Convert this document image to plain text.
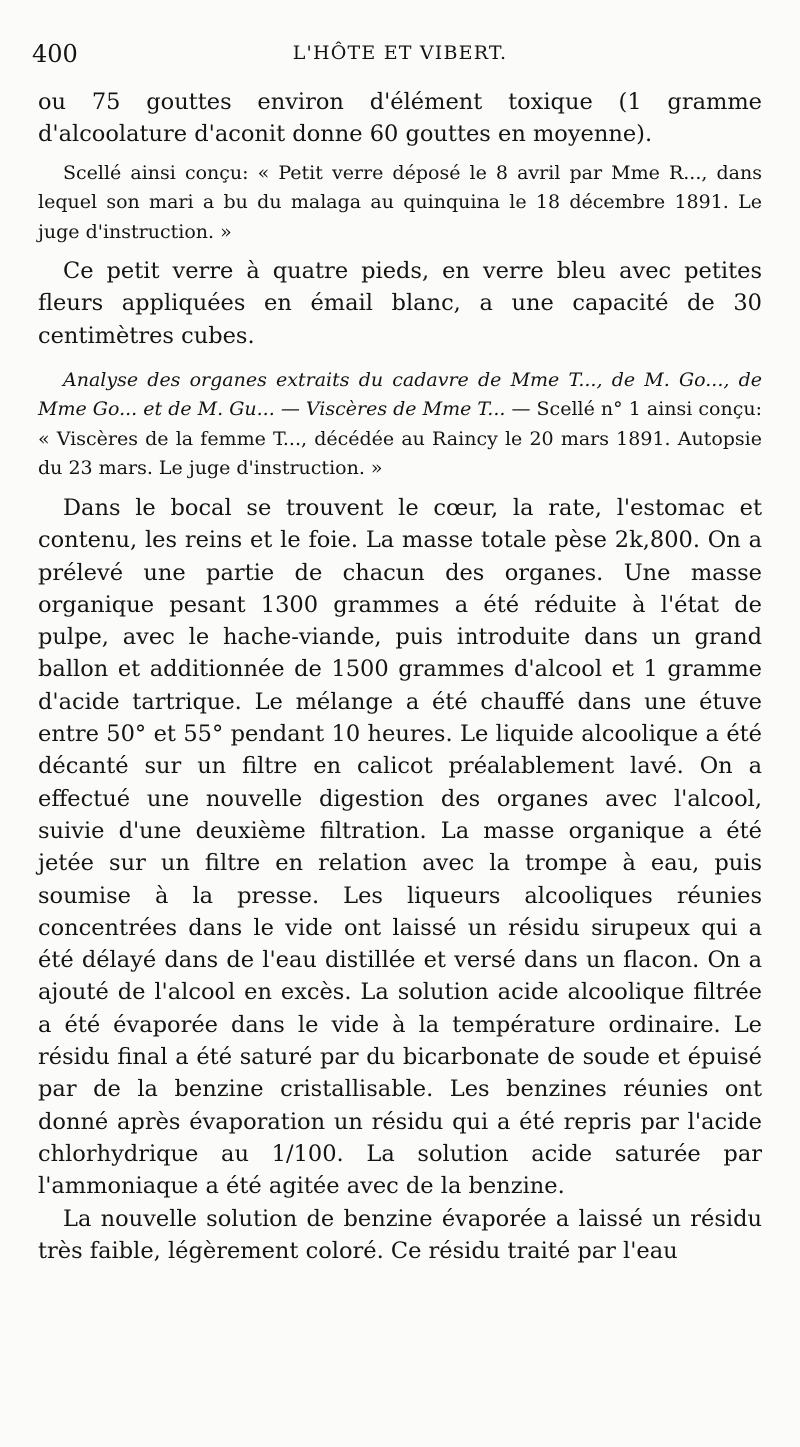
400	L'HÔTE ET VIBERT.

ou 75 gouttes environ d'élément toxique (1 gramme d'alcoolature d'aconit donne 60 gouttes en moyenne).

Scellé ainsi conçu: « Petit verre déposé le 8 avril par Mme R..., dans lequel son mari a bu du malaga au quinquina le 18 décembre 1891. Le juge d'instruction. »

Ce petit verre à quatre pieds, en verre bleu avec petites fleurs appliquées en émail blanc, a une capacité de 30 centimètres cubes.

Analyse des organes extraits du cadavre de Mme T..., de M. Go..., de Mme Go... et de M. Gu... — Viscères de Mme T... — Scellé n° 1 ainsi conçu: « Viscères de la femme T..., décédée au Raincy le 20 mars 1891. Autopsie du 23 mars. Le juge d'instruction. »

Dans le bocal se trouvent le cœur, la rate, l'estomac et contenu, les reins et le foie. La masse totale pèse 2k,800. On a prélevé une partie de chacun des organes. Une masse organique pesant 1300 grammes a été réduite à l'état de pulpe, avec le hache-viande, puis introduite dans un grand ballon et additionnée de 1500 grammes d'alcool et 1 gramme d'acide tartrique. Le mélange a été chauffé dans une étuve entre 50° et 55° pendant 10 heures. Le liquide alcoolique a été décanté sur un filtre en calicot préalablement lavé. On a effectué une nouvelle digestion des organes avec l'alcool, suivie d'une deuxième filtration. La masse organique a été jetée sur un filtre en relation avec la trompe à eau, puis soumise à la presse. Les liqueurs alcooliques réunies concentrées dans le vide ont laissé un résidu sirupeux qui a été délayé dans de l'eau distillée et versé dans un flacon. On a ajouté de l'alcool en excès. La solution acide alcoolique filtrée a été évaporée dans le vide à la température ordinaire. Le résidu final a été saturé par du bicarbonate de soude et épuisé par de la benzine cristallisable. Les benzines réunies ont donné après évaporation un résidu qui a été repris par l'acide chlorhydrique au 1/100. La solution acide saturée par l'ammoniaque a été agitée avec de la benzine.

La nouvelle solution de benzine évaporée a laissé un résidu très faible, légèrement coloré. Ce résidu traité par l'eau
